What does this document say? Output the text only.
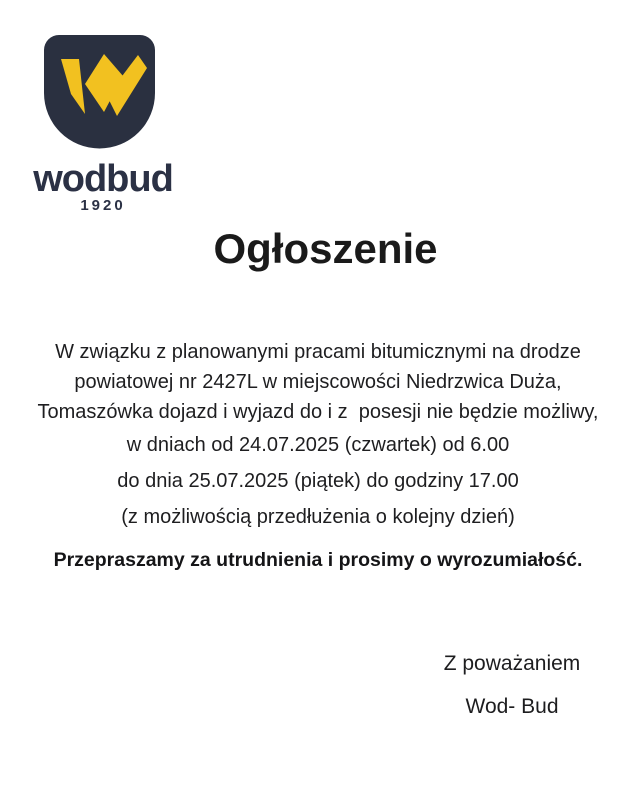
wodbud
1920
Ogłoszenie
W związku z planowanymi pracami bitumicznymi na drodze
powiatowej nr 2427L w miejscowości Niedrzwica Duża,
Tomaszówka dojazd i wyjazd do i z  posesji nie będzie możliwy,
w dniach od 24.07.2025 (czwartek) od 6.00
do dnia 25.07.2025 (piątek) do godziny 17.00
(z możliwością przedłużenia o kolejny dzień)
Przepraszamy za utrudnienia i prosimy o wyrozumiałość.
Z poważaniem
Wod- Bud
